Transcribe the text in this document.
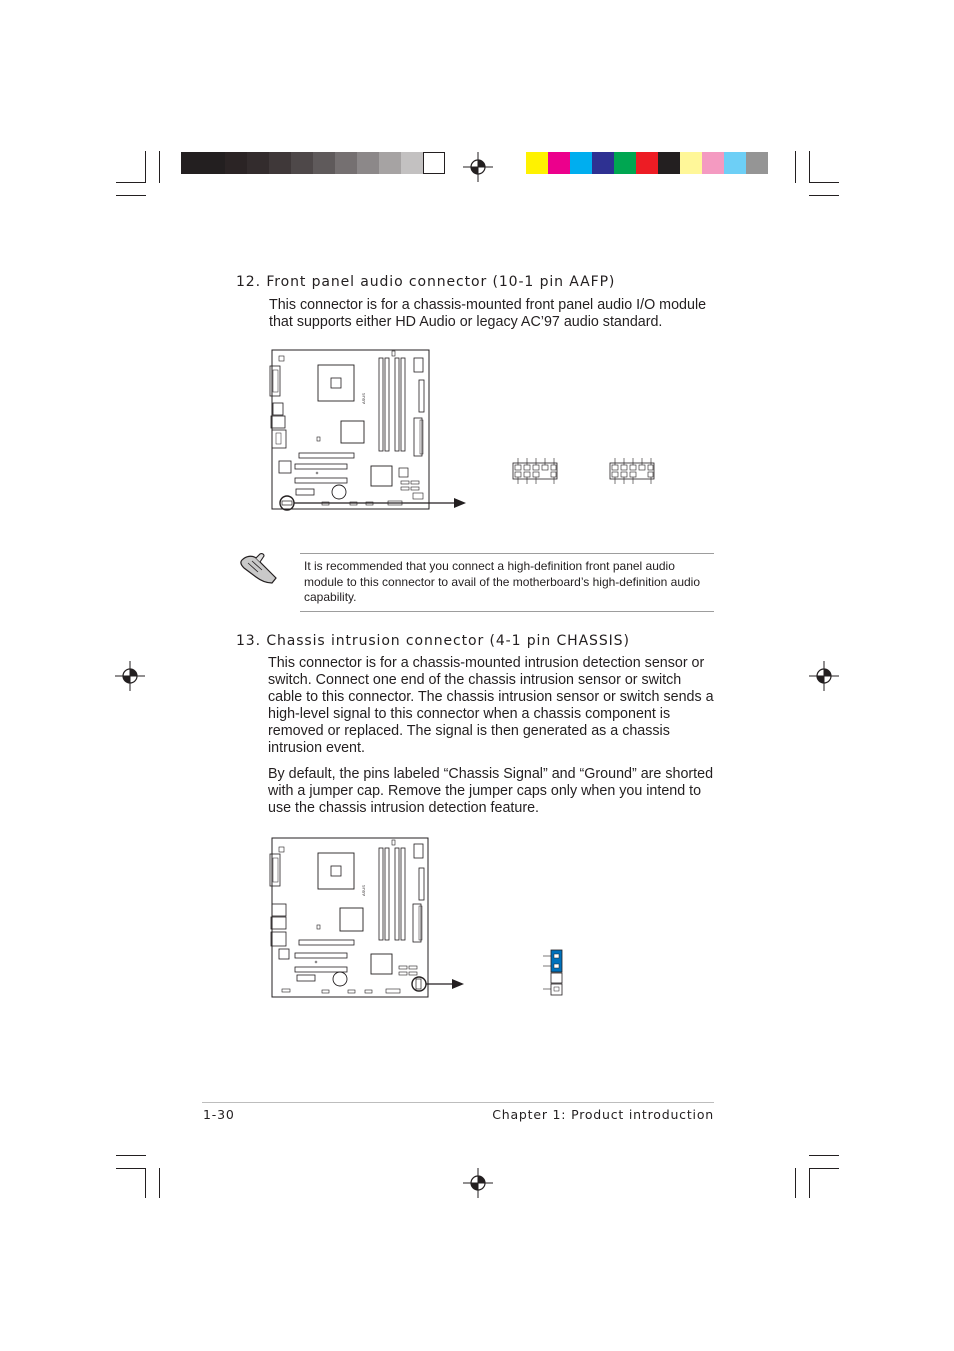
12. Front panel audio connector (10-1 pin AAFP)

This connector is for a chassis-mounted front panel audio I/O module that supports either HD Audio or legacy AC’97 audio standard.

ASUS
It is recommended that you connect a high-definition front panel audio module to this connector to avail of the motherboard’s high-definition audio capability.
13. Chassis intrusion connector (4-1 pin CHASSIS)

This connector is for a chassis-mounted intrusion detection sensor or switch. Connect one end of the chassis intrusion sensor or switch cable to this connector. The chassis intrusion sensor or switch sends a high-level signal to this connector when a chassis component is removed or replaced. The signal is then generated as a chassis intrusion event.

By default, the pins labeled “Chassis Signal” and “Ground” are shorted with a jumper cap. Remove the jumper caps only when you intend to use the chassis intrusion detection feature.

ASUS
1-30	Chapter 1: Product introduction
